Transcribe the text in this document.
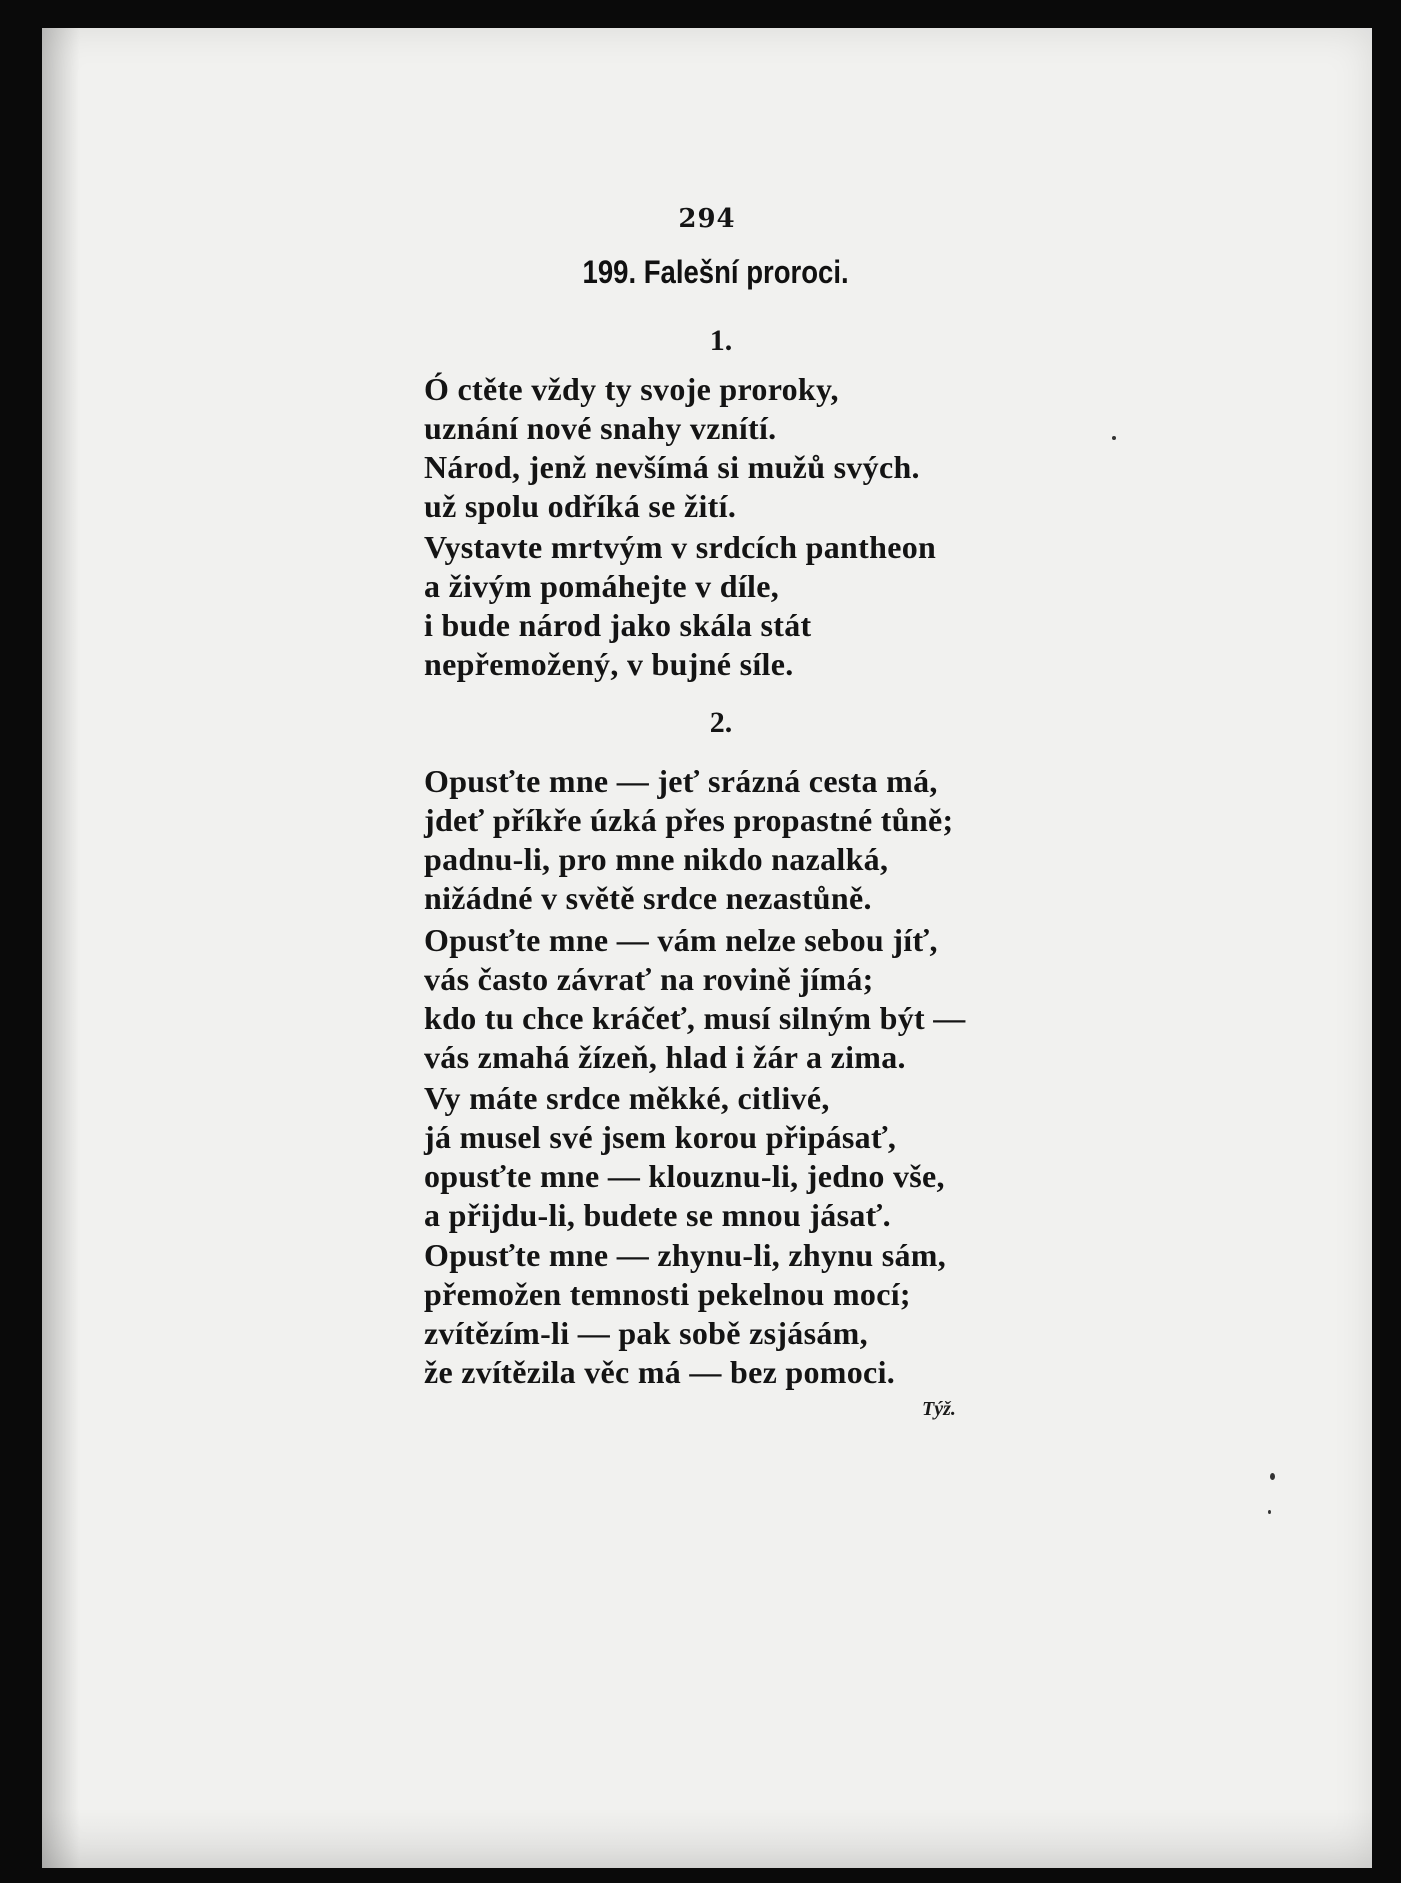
294
199. Falešní proroci.
1.
Ó ctěte vždy ty svoje proroky,
uznání nové snahy vznítí.
Národ, jenž nevšímá si mužů svých.
už spolu odříká se žití.
Vystavte mrtvým v srdcích pantheon
a živým pomáhejte v díle,
i bude národ jako skála stát
nepřemožený, v bujné síle.
2.
Opusťte mne — jeť srázná cesta má,
jdeť příkře úzká přes propastné tůně;
padnu-li, pro mne nikdo nazalká,
nižádné v světě srdce nezastůně.
Opusťte mne — vám nelze sebou jíť,
vás často závrať na rovině jímá;
kdo tu chce kráčeť, musí silným být —
vás zmahá žízeň, hlad i žár a zima.
Vy máte srdce měkké, citlivé,
já musel své jsem korou připásať,
opusťte mne — klouznu-li, jedno vše,
a přijdu-li, budete se mnou jásať.
Opusťte mne — zhynu-li, zhynu sám,
přemožen temnosti pekelnou mocí;
zvítězím-li — pak sobě zsjásám,
že zvítězila věc má — bez pomoci.
Týž.
